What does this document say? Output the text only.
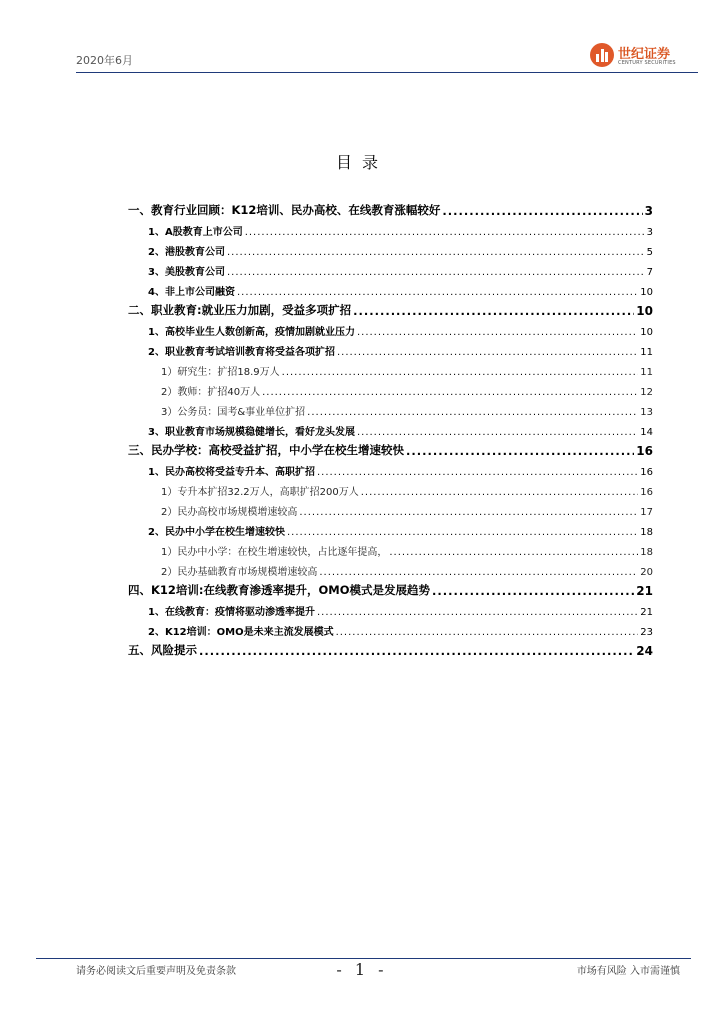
2020年6月	世纪证券
CENTURY SECURITIES
目录
一、教育行业回顾：K12培训、民办高校、在线教育涨幅较好 .....	3
1、A股教育上市公司 .....	3
2、港股教育公司 .....	5
3、美股教育公司 .....	7
4、非上市公司融资 .....	10
二、职业教育:就业压力加剧，受益多项扩招 .....	10
1、高校毕业生人数创新高，疫情加剧就业压力 .....	10
2、职业教育考试培训教育将受益各项扩招 .....	11
1）研究生：扩招18.9万人 .....	11
2）教师：扩招40万人 .....	12
3）公务员：国考&事业单位扩招 .....	13
3、职业教育市场规模稳健增长，看好龙头发展 .....	14
三、民办学校：高校受益扩招，中小学在校生增速较快 .....	16
1、民办高校将受益专升本、高职扩招 .....	16
1）专升本扩招32.2万人，高职扩招200万人 .....	16
2）民办高校市场规模增速较高 .....	17
2、民办中小学在校生增速较快 .....	18
1）民办中小学：在校生增速较快，占比逐年提高， .....	18
2）民办基础教育市场规模增速较高 .....	20
四、K12培训:在线教育渗透率提升，OMO模式是发展趋势 .....	21
1、在线教育：疫情将驱动渗透率提升 .....	21
2、K12培训：OMO是未来主流发展模式 .....	23
五、风险提示 .....	24
请务必阅读文后重要声明及免责条款	- 1 -	市场有风险 入市需谨慎
